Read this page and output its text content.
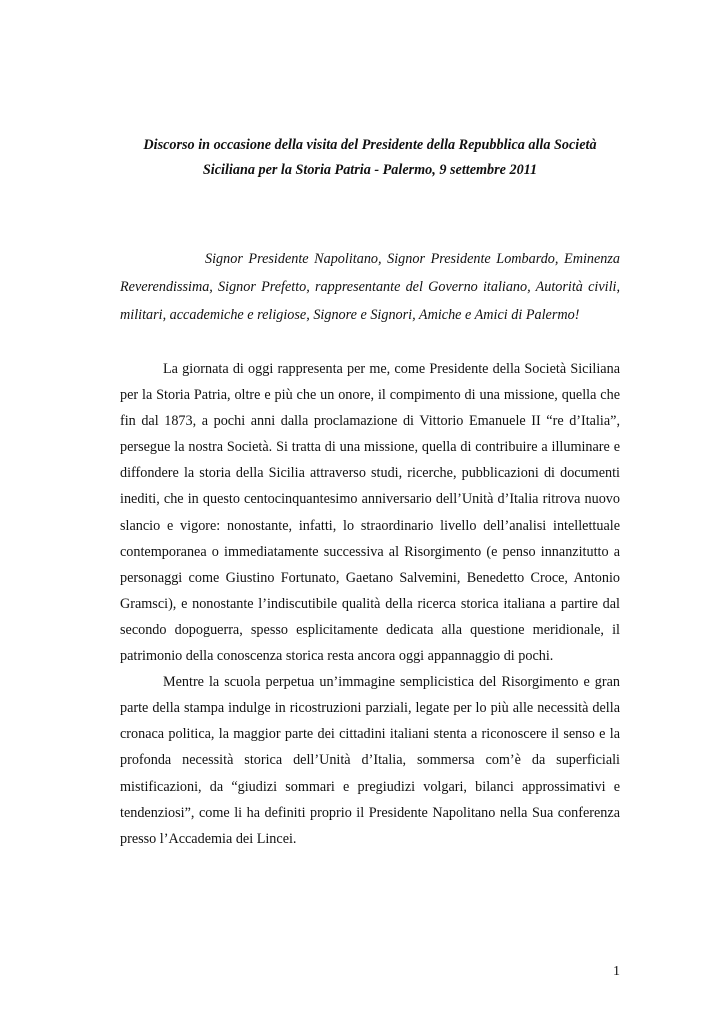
Discorso in occasione della visita del Presidente della Repubblica alla Società Siciliana per la Storia Patria - Palermo, 9 settembre 2011

Signor Presidente Napolitano, Signor Presidente Lombardo, Eminenza Reverendissima, Signor Prefetto, rappresentante del Governo italiano, Autorità civili, militari, accademiche e religiose, Signore e Signori, Amiche e Amici di Palermo!

La giornata di oggi rappresenta per me, come Presidente della Società Siciliana per la Storia Patria, oltre e più che un onore, il compimento di una missione, quella che fin dal 1873, a pochi anni dalla proclamazione di Vittorio Emanuele II “re d’Italia”, persegue la nostra Società. Si tratta di una missione, quella di contribuire a illuminare e diffondere la storia della Sicilia attraverso studi, ricerche, pubblicazioni di documenti inediti, che in questo centocinquantesimo anniversario dell’Unità d’Italia ritrova nuovo slancio e vigore: nonostante, infatti, lo straordinario livello dell’analisi intellettuale contemporanea o immediatamente successiva al Risorgimento (e penso innanzitutto a personaggi come Giustino Fortunato, Gaetano Salvemini, Benedetto Croce, Antonio Gramsci), e nonostante l’indiscutibile qualità della ricerca storica italiana a partire dal secondo dopoguerra, spesso esplicitamente dedicata alla questione meridionale, il patrimonio della conoscenza storica resta ancora oggi appannaggio di pochi.

Mentre la scuola perpetua un’immagine semplicistica del Risorgimento e gran parte della stampa indulge in ricostruzioni parziali, legate per lo più alle necessità della cronaca politica, la maggior parte dei cittadini italiani stenta a riconoscere il senso e la profonda necessità storica dell’Unità d’Italia, sommersa com’è da superficiali mistificazioni, da “giudizi sommari e pregiudizi volgari, bilanci approssimativi e tendenziosi”, come li ha definiti proprio il Presidente Napolitano nella Sua conferenza presso l’Accademia dei Lincei.

1
